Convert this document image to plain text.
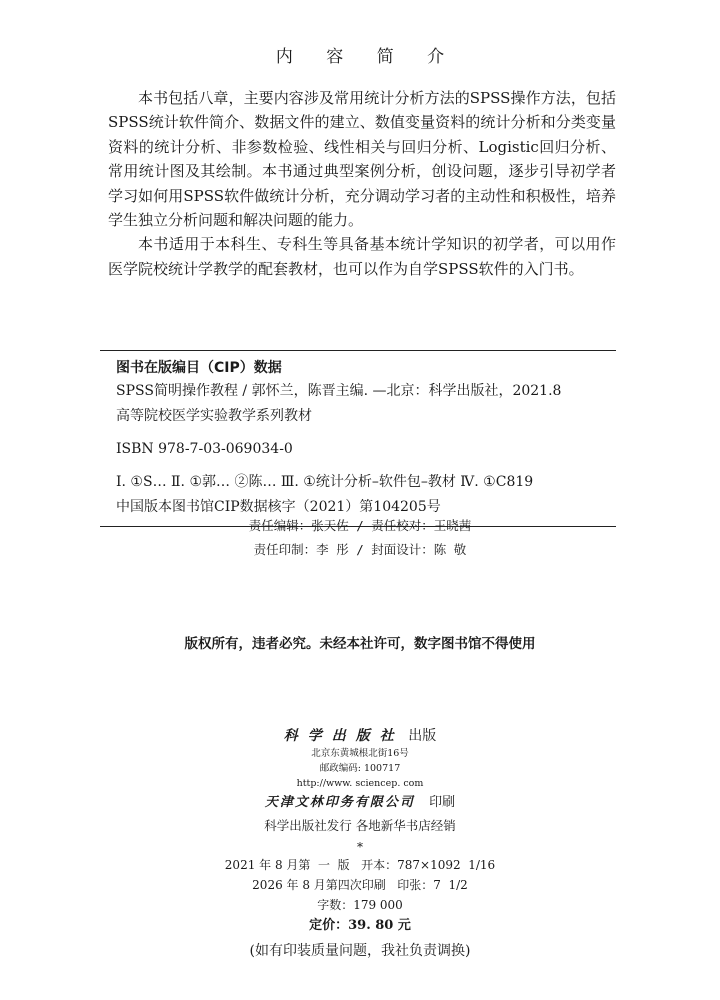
内 容 简 介

本书包括八章，主要内容涉及常用统计分析方法的SPSS操作方法，包括SPSS统计软件简介、数据文件的建立、数值变量资料的统计分析和分类变量资料的统计分析、非参数检验、线性相关与回归分析、Logistic回归分析、常用统计图及其绘制。本书通过典型案例分析，创设问题，逐步引导初学者学习如何用SPSS软件做统计分析，充分调动学习者的主动性和积极性，培养学生独立分析问题和解决问题的能力。

本书适用于本科生、专科生等具备基本统计学知识的初学者，可以用作医学院校统计学教学的配套教材，也可以作为自学SPSS软件的入门书。

图书在版编目（CIP）数据
SPSS简明操作教程 / 郭怀兰，陈晋主编. —北京：科学出版社，2021.8
高等院校医学实验教学系列教材
ISBN 978-7-03-069034-0
Ⅰ. ①S… Ⅱ. ①郭… ②陈… Ⅲ. ①统计分析–软件包–教材 Ⅳ. ①C819
中国版本图书馆CIP数据核字（2021）第104205号
责任编辑：张天佐 / 责任校对：王晓茜
责任印制：李 彤 / 封面设计：陈 敬
版权所有，违者必究。未经本社许可，数字图书馆不得使用
科学出版社 出版
北京东黄城根北街16号
邮政编码: 100717
http://www. sciencep. com
天津文林印务有限公司 印刷
科学出版社发行 各地新华书店经销
*
2021 年 8 月第  一  版   开本：787×1092  1/16
2026 年 8 月第四次印刷   印张：7  1/2
字数：179 000
定价：39. 80 元
(如有印装质量问题，我社负责调换)
